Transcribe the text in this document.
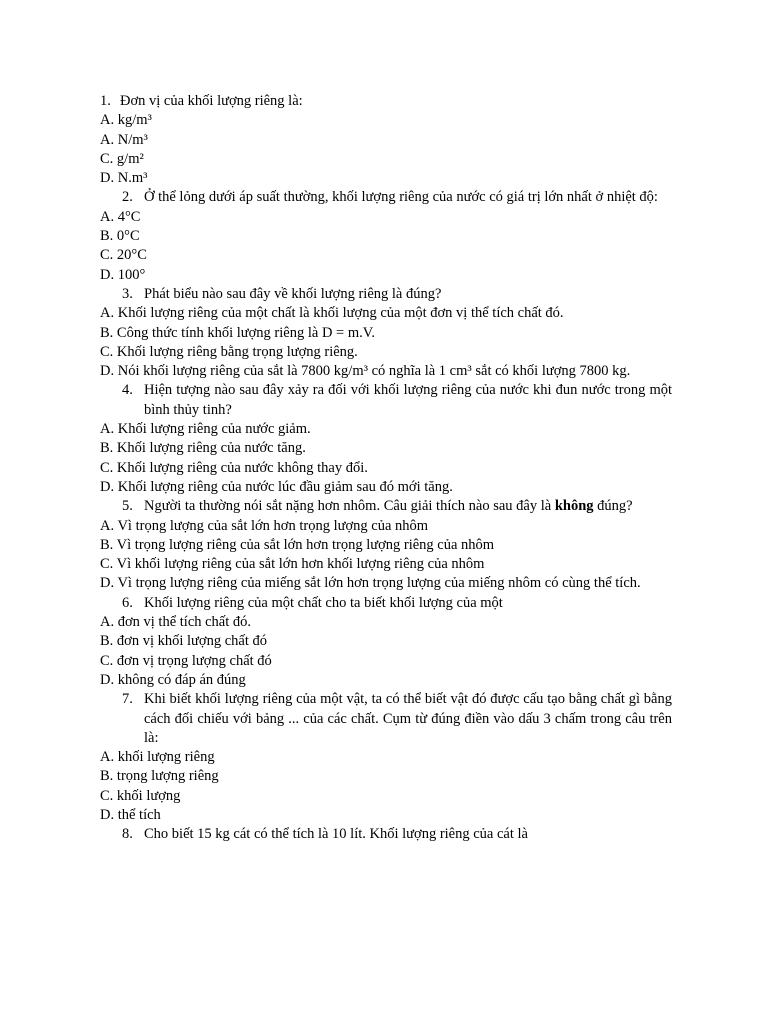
1. Đơn vị của khối lượng riêng là:
A. kg/m³
A. N/m³
C. g/m²
D. N.m³
2. Ở thể lỏng dưới áp suất thường, khối lượng riêng của nước có giá trị lớn nhất ở nhiệt độ:
A. 4°C
B. 0°C
C. 20°C
D. 100°
3. Phát biểu nào sau đây về khối lượng riêng là đúng?
A. Khối lượng riêng của một chất là khối lượng của một đơn vị thể tích chất đó.
B. Công thức tính khối lượng riêng là D = m.V.
C. Khối lượng riêng bằng trọng lượng riêng.
D. Nói khối lượng riêng của sắt là 7800 kg/m³ có nghĩa là 1 cm³ sắt có khối lượng 7800 kg.
4. Hiện tượng nào sau đây xảy ra đối với khối lượng riêng của nước khi đun nước trong một bình thủy tinh?
A. Khối lượng riêng của nước giảm.
B. Khối lượng riêng của nước tăng.
C. Khối lượng riêng của nước không thay đổi.
D. Khối lượng riêng của nước lúc đầu giảm sau đó mới tăng.
5. Người ta thường nói sắt nặng hơn nhôm. Câu giải thích nào sau đây là không đúng?
A. Vì trọng lượng của sắt lớn hơn trọng lượng của nhôm
B. Vì trọng lượng riêng của sắt lớn hơn trọng lượng riêng của nhôm
C. Vì khối lượng riêng của sắt lớn hơn khối lượng riêng của nhôm
D. Vì trọng lượng riêng của miếng sắt lớn hơn trọng lượng của miếng nhôm có cùng thể tích.
6. Khối lượng riêng của một chất cho ta biết khối lượng của một
A. đơn vị thể tích chất đó.
B. đơn vị khối lượng chất đó
C. đơn vị trọng lượng chất đó
D. không có đáp án đúng
7. Khi biết khối lượng riêng của một vật, ta có thể biết vật đó được cấu tạo bằng chất gì bằng cách đối chiếu với bảng ... của các chất. Cụm từ đúng điền vào dấu 3 chấm trong câu trên là:
A. khối lượng riêng
B. trọng lượng riêng
C. khối lượng
D. thể tích
8. Cho biết 15 kg cát có thể tích là 10 lít. Khối lượng riêng của cát là
